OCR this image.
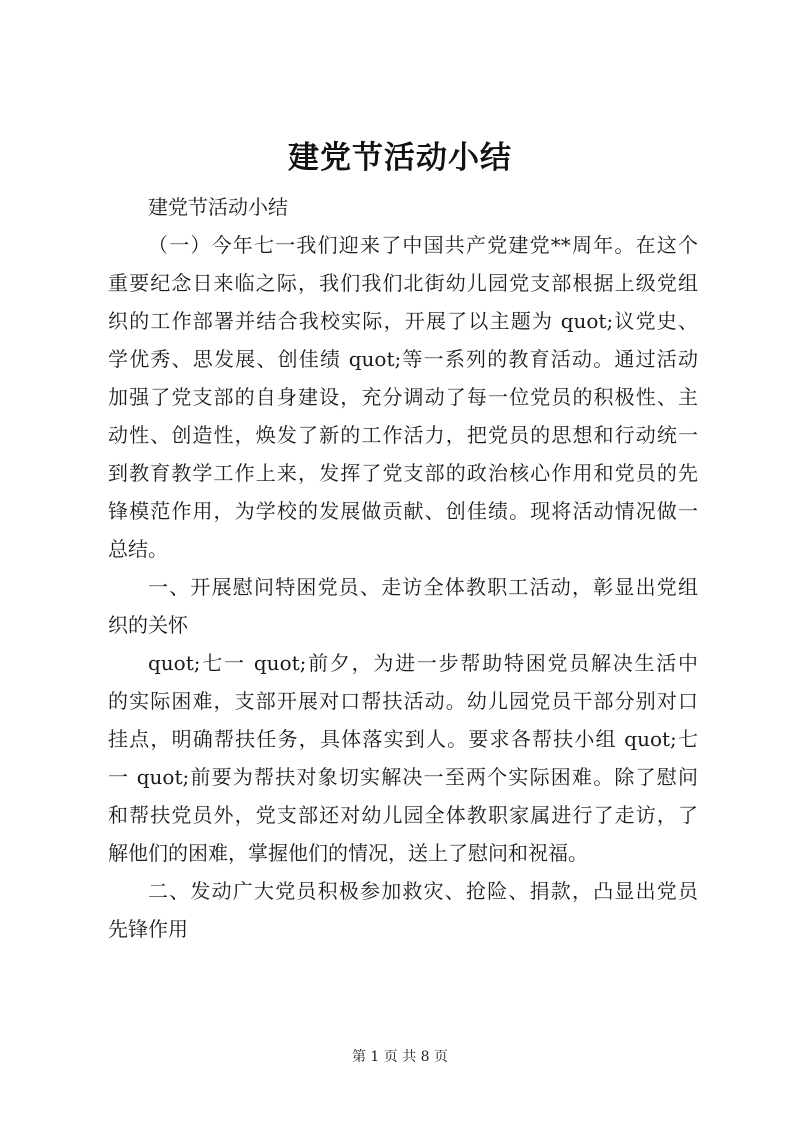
建党节活动小结
建党节活动小结
（一）今年七一我们迎来了中国共产党建党**周年。在这个
重要纪念日来临之际，我们我们北街幼儿园党支部根据上级党组
织的工作部署并结合我校实际，开展了以主题为 quot;议党史、
学优秀、思发展、创佳绩 quot;等一系列的教育活动。通过活动
加强了党支部的自身建设，充分调动了每一位党员的积极性、主
动性、创造性，焕发了新的工作活力，把党员的思想和行动统一
到教育教学工作上来，发挥了党支部的政治核心作用和党员的先
锋模范作用，为学校的发展做贡献、创佳绩。现将活动情况做一
总结。
一、开展慰问特困党员、走访全体教职工活动，彰显出党组
织的关怀
quot;七一 quot;前夕，为进一步帮助特困党员解决生活中
的实际困难，支部开展对口帮扶活动。幼儿园党员干部分别对口
挂点，明确帮扶任务，具体落实到人。要求各帮扶小组 quot;七
一 quot;前要为帮扶对象切实解决一至两个实际困难。除了慰问
和帮扶党员外，党支部还对幼儿园全体教职家属进行了走访，了
解他们的困难，掌握他们的情况，送上了慰问和祝福。
二、发动广大党员积极参加救灾、抢险、捐款，凸显出党员
先锋作用
第 1 页 共 8 页
